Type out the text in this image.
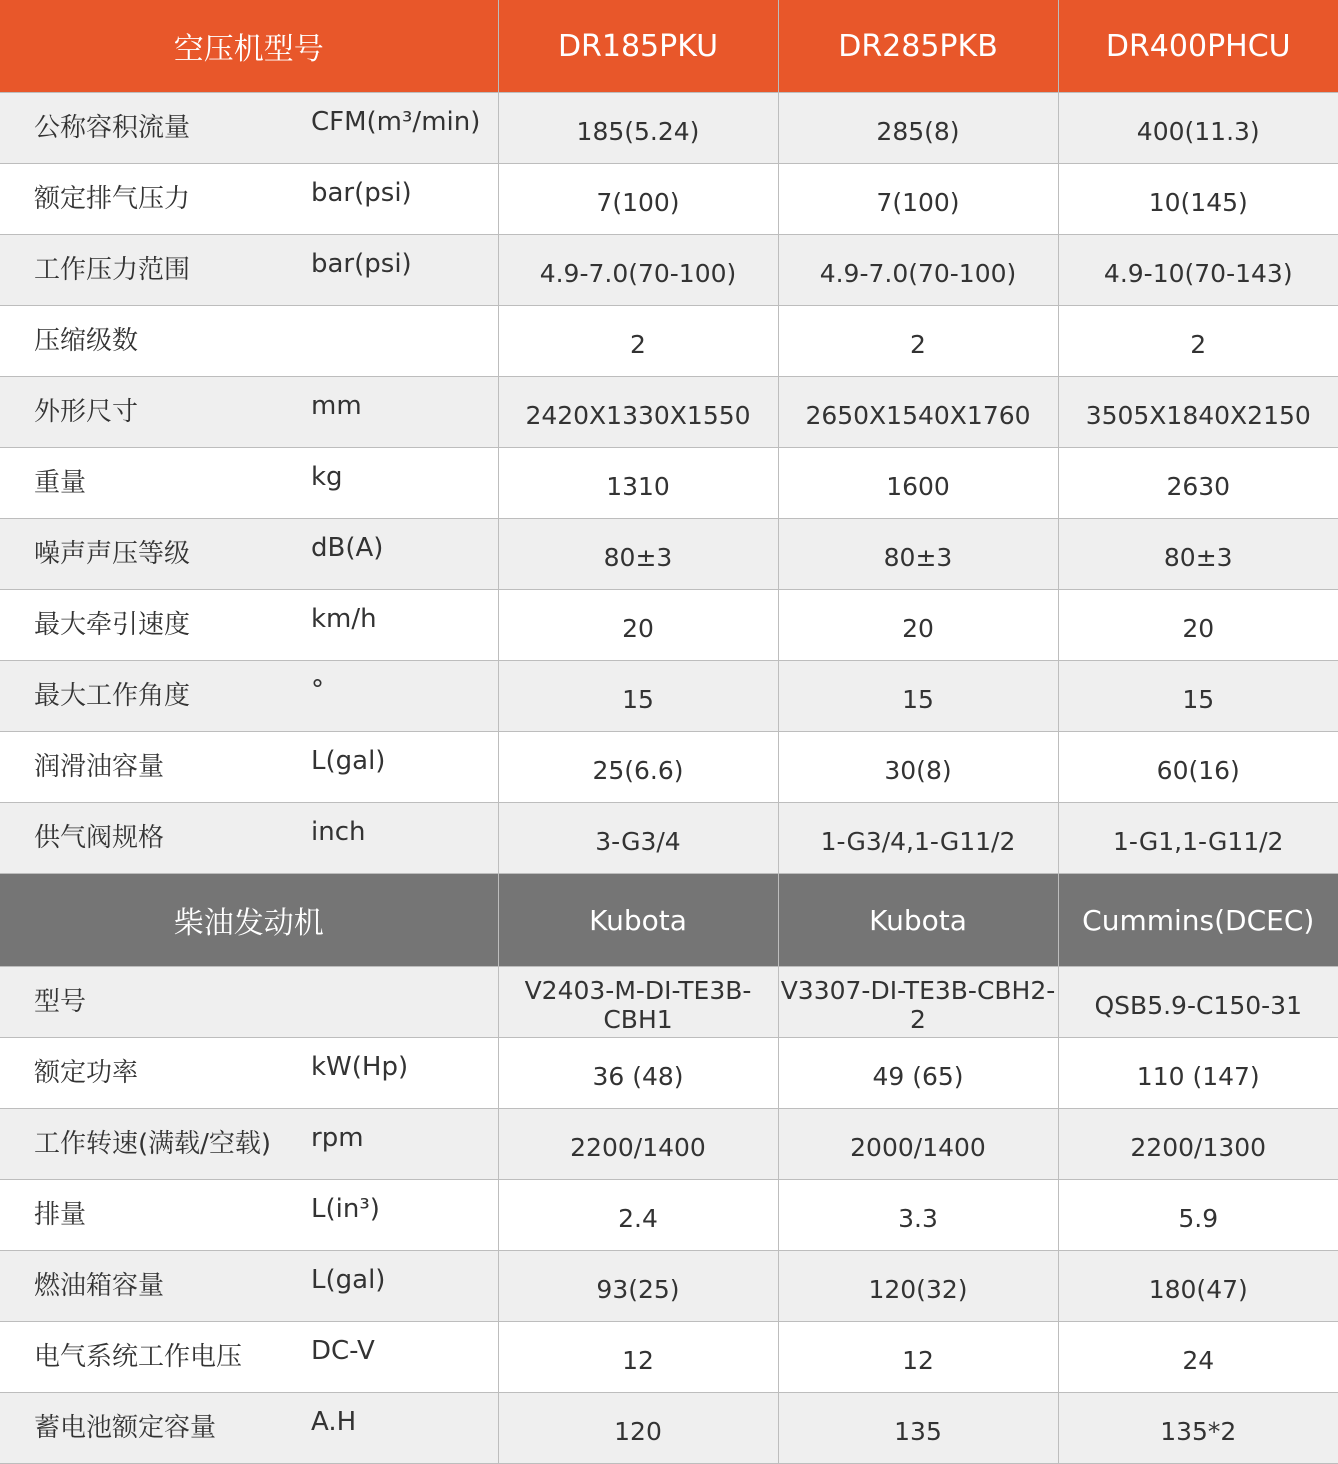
空压机型号	DR185PKU	DR285PKB	DR400PHCU

公称容积流量 CFM(m³/min)	185(5.24)	285(8)	400(11.3)

额定排气压力 bar(psi)	7(100)	7(100)	10(145)

工作压力范围 bar(psi)	4.9-7.0(70-100)	4.9-7.0(70-100)	4.9-10(70-143)

压缩级数	2	2	2

外形尺寸 mm	2420X1330X1550	2650X1540X1760	3505X1840X2150

重量 kg	1310	1600	2630

噪声声压等级 dB(A)	80±3	80±3	80±3

最大牵引速度 km/h	20	20	20

最大工作角度 °	15	15	15

润滑油容量 L(gal)	25(6.6)	30(8)	60(16)

供气阀规格 inch	3-G3/4	1-G3/4,1-G11/2	1-G1,1-G11/2
柴油发动机	Kubota	Kubota	Cummins(DCEC)

型号	V2403-M-DI-TE3B-CBH1	V3307-DI-TE3B-CBH2-2	QSB5.9-C150-31

额定功率 kW(Hp)	36 (48)	49 (65)	110 (147)

工作转速(满载/空载) rpm	2200/1400	2000/1400	2200/1300

排量 L(in³)	2.4	3.3	5.9

燃油箱容量 L(gal)	93(25)	120(32)	180(47)

电气系统工作电压 DC-V	12	12	24

蓄电池额定容量 A.H	120	135	135*2
